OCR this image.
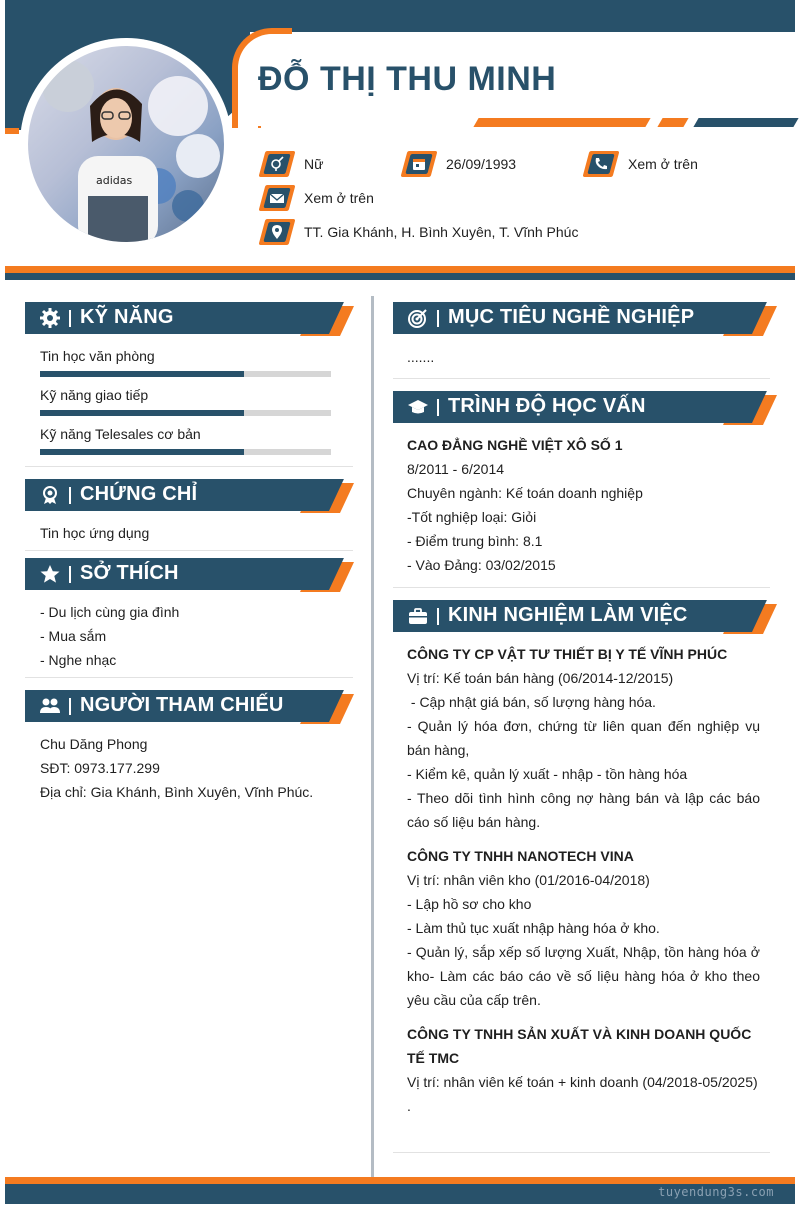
adidas
ĐỖ THỊ THU MINH
Nữ	26/09/1993	Xem ở trên
Xem ở trên
TT. Gia Khánh, H. Bình Xuyên, T. Vĩnh Phúc
KỸ NĂNG
Tin học văn phòng
Kỹ năng giao tiếp
Kỹ năng Telesales cơ bản
CHỨNG CHỈ
Tin học ứng dụng
SỞ THÍCH
- Du lịch cùng gia đình
- Mua sắm
- Nghe nhạc
NGƯỜI THAM CHIẾU
Chu Dăng Phong
SĐT: 0973.177.299
Địa chỉ: Gia Khánh, Bình Xuyên, Vĩnh Phúc.
MỤC TIÊU NGHỀ NGHIỆP
.......
TRÌNH ĐỘ HỌC VẤN
CAO ĐẲNG NGHỀ VIỆT XÔ SỐ 1
8/2011 - 6/2014
Chuyên ngành: Kế toán doanh nghiệp
-Tốt nghiệp loại: Giỏi
- Điểm trung bình: 8.1
- Vào Đảng: 03/02/2015
KINH NGHIỆM LÀM VIỆC
CÔNG TY CP VẬT TƯ THIẾT BỊ Y TẾ VĨNH PHÚC
Vị trí: Kế toán bán hàng (06/2014-12/2015)
- Cập nhật giá bán, số lượng hàng hóa.
- Quản lý hóa đơn, chứng từ liên quan đến nghiệp vụ bán hàng,
- Kiểm kê, quản lý xuất - nhập - tồn hàng hóa
- Theo dõi tình hình công nợ hàng bán và lập các báo cáo số liệu bán hàng.
CÔNG TY TNHH NANOTECH VINA
Vị trí: nhân viên kho (01/2016-04/2018)
- Lập hồ sơ cho kho
- Làm thủ tục xuất nhập hàng hóa ở kho.
- Quản lý, sắp xếp số lượng Xuất, Nhập, tồn hàng hóa ở kho- Làm các báo cáo về số liệu hàng hóa ở kho theo yêu cầu của cấp trên.
CÔNG TY TNHH SẢN XUẤT VÀ KINH DOANH QUỐC TẾ TMC
Vị trí: nhân viên kế toán + kinh doanh (04/2018-05/2025)
.
tuyendung3s.com
